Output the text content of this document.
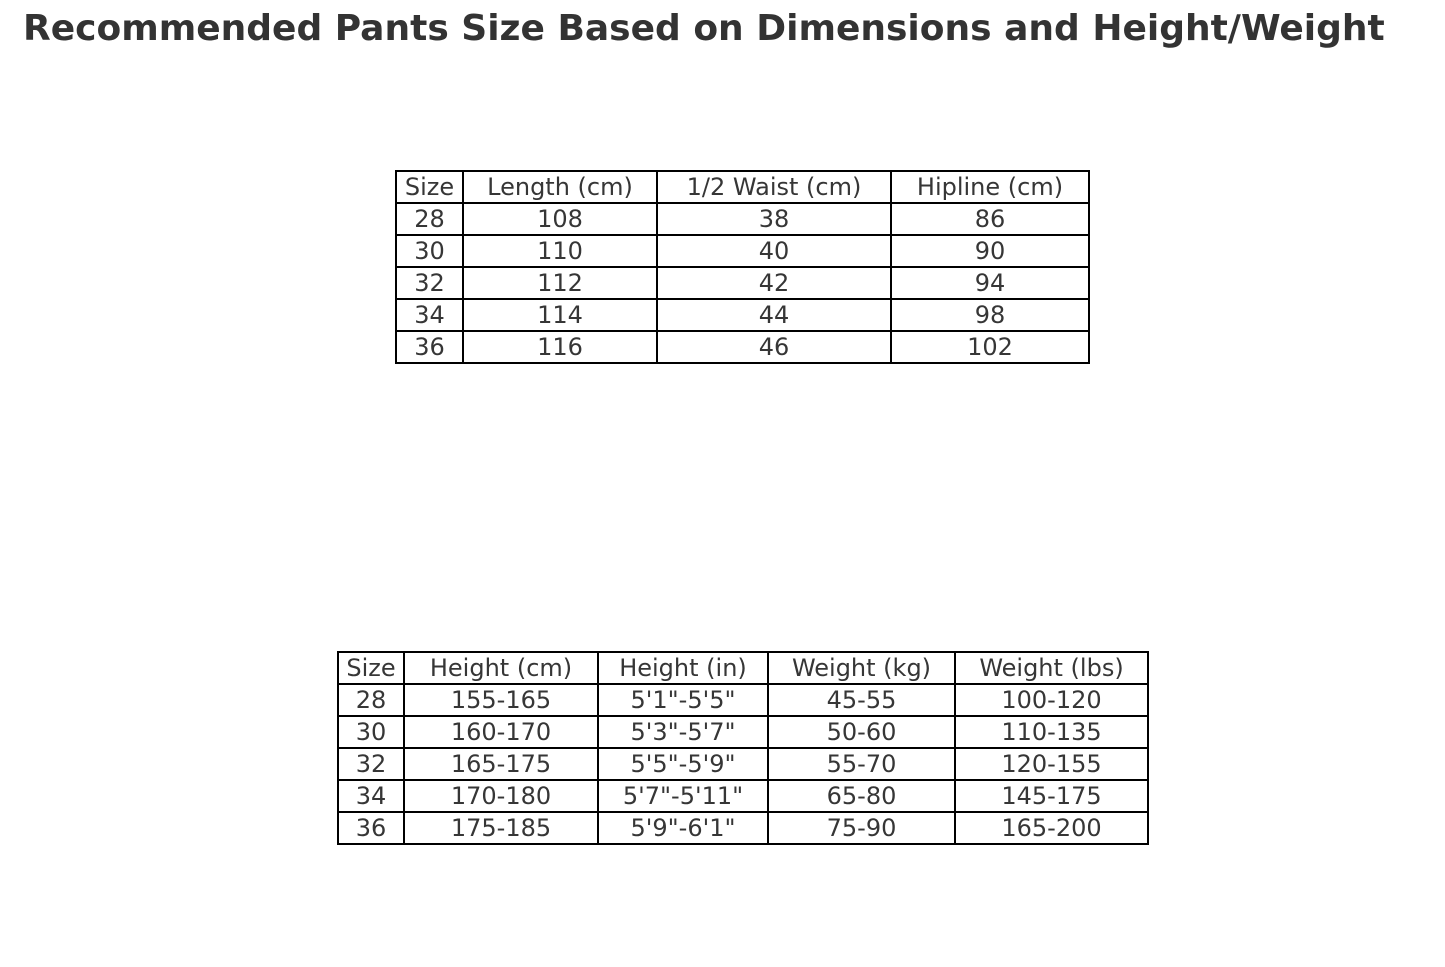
Recommended Pants Size Based on Dimensions and Height/Weight
Size	Length (cm)	1/2 Waist (cm)	Hipline (cm)
28	108	38	86
30	110	40	90
32	112	42	94
34	114	44	98
36	116	46	102
Size	Height (cm)	Height (in)	Weight (kg)	Weight (lbs)
28	155-165	5'1"-5'5"	45-55	100-120
30	160-170	5'3"-5'7"	50-60	110-135
32	165-175	5'5"-5'9"	55-70	120-155
34	170-180	5'7"-5'11"	65-80	145-175
36	175-185	5'9"-6'1"	75-90	165-200
